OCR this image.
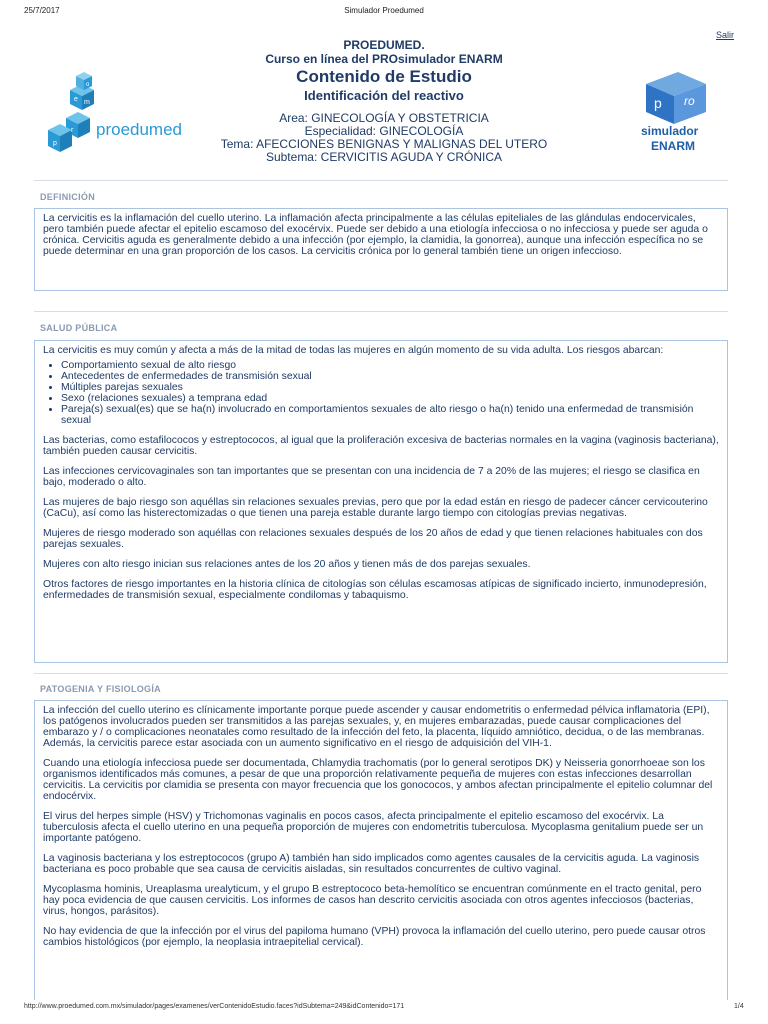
25/7/2017	Simulador Proedumed
Salir
p
r
m
o
e
proedumed
p ro
simulador
ENARM
PROEDUMED.
Curso en línea del PROsimulador ENARM
Contenido de Estudio
Identificación del reactivo
Area: GINECOLOGÍA Y OBSTETRICIA
Especialidad: GINECOLOGÍA
Tema: AFECCIONES BENIGNAS Y MALIGNAS DEL UTERO
Subtema: CERVICITIS AGUDA Y CRÓNICA
DEFINICIÓN

La cervicitis es la inflamación del cuello uterino. La inflamación afecta principalmente a las células epiteliales de las glándulas endocervicales, pero también puede afectar el epitelio escamoso del exocérvix. Puede ser debido a una etiología infecciosa o no infecciosa y puede ser aguda o crónica. Cervicitis aguda es generalmente debido a una infección (por ejemplo, la clamidia, la gonorrea), aunque una infección específica no se puede determinar en una gran proporción de los casos. La cervicitis crónica por lo general también tiene un origen infeccioso.

SALUD PÚBLICA

La cervicitis es muy común y afecta a más de la mitad de todas las mujeres en algún momento de su vida adulta. Los riesgos abarcan:

• Comportamiento sexual de alto riesgo
• Antecedentes de enfermedades de transmisión sexual
• Múltiples parejas sexuales
• Sexo (relaciones sexuales) a temprana edad
• Pareja(s) sexual(es) que se ha(n) involucrado en comportamientos sexuales de alto riesgo o ha(n) tenido una enfermedad de transmisión sexual

Las bacterias, como estafilococos y estreptococos, al igual que la proliferación excesiva de bacterias normales en la vagina (vaginosis bacteriana), también pueden causar cervicitis.

Las infecciones cervicovaginales son tan importantes que se presentan con una incidencia de 7 a 20% de las mujeres; el riesgo se clasifica en bajo, moderado o alto.

Las mujeres de bajo riesgo son aquéllas sin relaciones sexuales previas, pero que por la edad están en riesgo de padecer cáncer cervicouterino (CaCu), así como las histerectomizadas o que tienen una pareja estable durante largo tiempo con citologías previas negativas.

Mujeres de riesgo moderado son aquéllas con relaciones sexuales después de los 20 años de edad y que tienen relaciones habituales con dos parejas sexuales.

Mujeres con alto riesgo inician sus relaciones antes de los 20 años y tienen más de dos parejas sexuales.

Otros factores de riesgo importantes en la historia clínica de citologías son células escamosas atípicas de significado incierto, inmunodepresión, enfermedades de transmisión sexual, especialmente condilomas y tabaquismo.

PATOGENIA Y FISIOLOGÍA

La infección del cuello uterino es clínicamente importante porque puede ascender y causar endometritis o enfermedad pélvica inflamatoria (EPI), los patógenos involucrados pueden ser transmitidos a las parejas sexuales, y, en mujeres embarazadas, puede causar complicaciones del embarazo y / o complicaciones neonatales como resultado de la infección del feto, la placenta, líquido amniótico, decidua, o de las membranas. Además, la cervicitis parece estar asociada con un aumento significativo en el riesgo de adquisición del VIH-1.

Cuando una etiología infecciosa puede ser documentada, Chlamydia trachomatis (por lo general serotipos DK) y Neisseria gonorrhoeae son los organismos identificados más comunes, a pesar de que una proporción relativamente pequeña de mujeres con estas infecciones desarrollan cervicitis. La cervicitis por clamidia se presenta con mayor frecuencia que los gonococos, y ambos afectan principalmente el epitelio columnar del endocérvix.

El virus del herpes simple (HSV) y Trichomonas vaginalis en pocos casos, afecta principalmente el epitelio escamoso del exocérvix. La tuberculosis afecta el cuello uterino en una pequeña proporción de mujeres con endometritis tuberculosa. Mycoplasma genitalium puede ser un importante patógeno.

La vaginosis bacteriana y los estreptococos (grupo A) también han sido implicados como agentes causales de la cervicitis aguda. La vaginosis bacteriana es poco probable que sea causa de cervicitis aisladas, sin resultados concurrentes de cultivo vaginal.

Mycoplasma hominis, Ureaplasma urealyticum, y el grupo B estreptococo beta-hemolítico se encuentran comúnmente en el tracto genital, pero hay poca evidencia de que causen cervicitis. Los informes de casos han descrito cervicitis asociada con otros agentes infecciosos (bacterias, virus, hongos, parásitos).

No hay evidencia de que la infección por el virus del papiloma humano (VPH) provoca la inflamación del cuello uterino, pero puede causar otros cambios histológicos (por ejemplo, la neoplasia intraepitelial cervical).

http://www.proedumed.com.mx/simulador/pages/examenes/verContenidoEstudio.faces?idSubtema=249&idContenido=171	1/4
